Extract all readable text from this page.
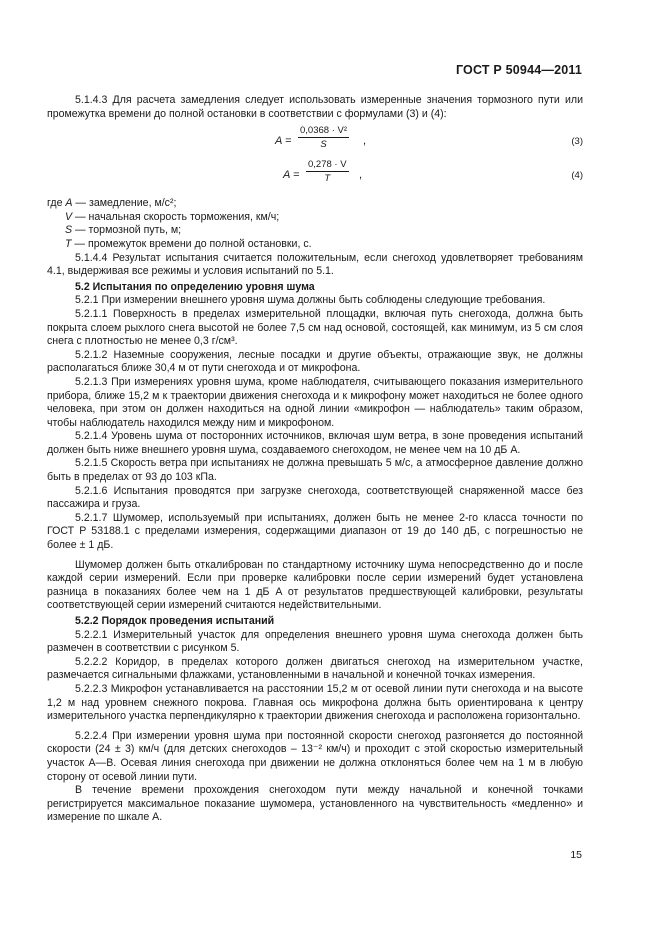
ГОСТ Р 50944—2011

5.1.4.3 Для расчета замедления следует использовать измеренные значения тормозного пути или промежутка времени до полной остановки в соответствии с формулами (3) и (4):

$A = \frac{\text{0,0368 · V²}}{S}$ ,	(3)
$A = \frac{0,278 \cdot V}{T}$ ,	(4)

где A — замедление, м/с²;

V — начальная скорость торможения, км/ч;

S — тормозной путь, м;

T — промежуток времени до полной остановки, с.

5.1.4.4 Результат испытания считается положительным, если снегоход удовлетворяет требованиям 4.1, выдерживая все режимы и условия испытаний по 5.1.

5.2 Испытания по определению уровня шума

5.2.1 При измерении внешнего уровня шума должны быть соблюдены следующие требования.

5.2.1.1 Поверхность в пределах измерительной площадки, включая путь снегохода, должна быть покрыта слоем рыхлого снега высотой не более 7,5 см над основой, состоящей, как минимум, из 5 см слоя снега с плотностью не менее 0,3 г/см³.

5.2.1.2 Наземные сооружения, лесные посадки и другие объекты, отражающие звук, не должны располагаться ближе 30,4 м от пути снегохода и от микрофона.

5.2.1.3 При измерениях уровня шума, кроме наблюдателя, считывающего показания измерительного прибора, ближе 15,2 м к траектории движения снегохода и к микрофону может находиться не более одного человека, при этом он должен находиться на одной линии «микрофон — наблюдатель» таким образом, чтобы наблюдатель находился между ним и микрофоном.

5.2.1.4 Уровень шума от посторонних источников, включая шум ветра, в зоне проведения испытаний должен быть ниже внешнего уровня шума, создаваемого снегоходом, не менее чем на 10 дБ A.

5.2.1.5 Скорость ветра при испытаниях не должна превышать 5 м/с, а атмосферное давление должно быть в пределах от 93 до 103 кПа.

5.2.1.6 Испытания проводятся при загрузке снегохода, соответствующей снаряженной массе без пассажира и груза.

5.2.1.7 Шумомер, используемый при испытаниях, должен быть не менее 2-го класса точности по ГОСТ Р 53188.1 с пределами измерения, содержащими диапазон от 19 до 140 дБ, с погрешностью не более ± 1 дБ.

Шумомер должен быть откалиброван по стандартному источнику шума непосредственно до и после каждой серии измерений. Если при проверке калибровки после серии измерений будет установлена разница в показаниях более чем на 1 дБ A от результатов предшествующей калибровки, результаты соответствующей серии измерений считаются недействительными.

5.2.2 Порядок проведения испытаний

5.2.2.1 Измерительный участок для определения внешнего уровня шума снегохода должен быть размечен в соответствии с рисунком 5.

5.2.2.2 Коридор, в пределах которого должен двигаться снегоход на измерительном участке, размечается сигнальными флажками, установленными в начальной и конечной точках измерения.

5.2.2.3 Микрофон устанавливается на расстоянии 15,2 м от осевой линии пути снегохода и на высоте 1,2 м над уровнем снежного покрова. Главная ось микрофона должна быть ориентирована к центру измерительного участка перпендикулярно к траектории движения снегохода и расположена горизонтально.

5.2.2.4 При измерении уровня шума при постоянной скорости снегоход разгоняется до постоянной скорости (24 ± 3) км/ч (для детских снегоходов – 13⁻² км/ч) и проходит с этой скоростью измерительный участок A—B. Осевая линия снегохода при движении не должна отклоняться более чем на 1 м в любую сторону от осевой линии пути.

В течение времени прохождения снегоходом пути между начальной и конечной точками регистрируется максимальное показание шумомера, установленного на чувствительность «медленно» и измерение по шкале A.

15
